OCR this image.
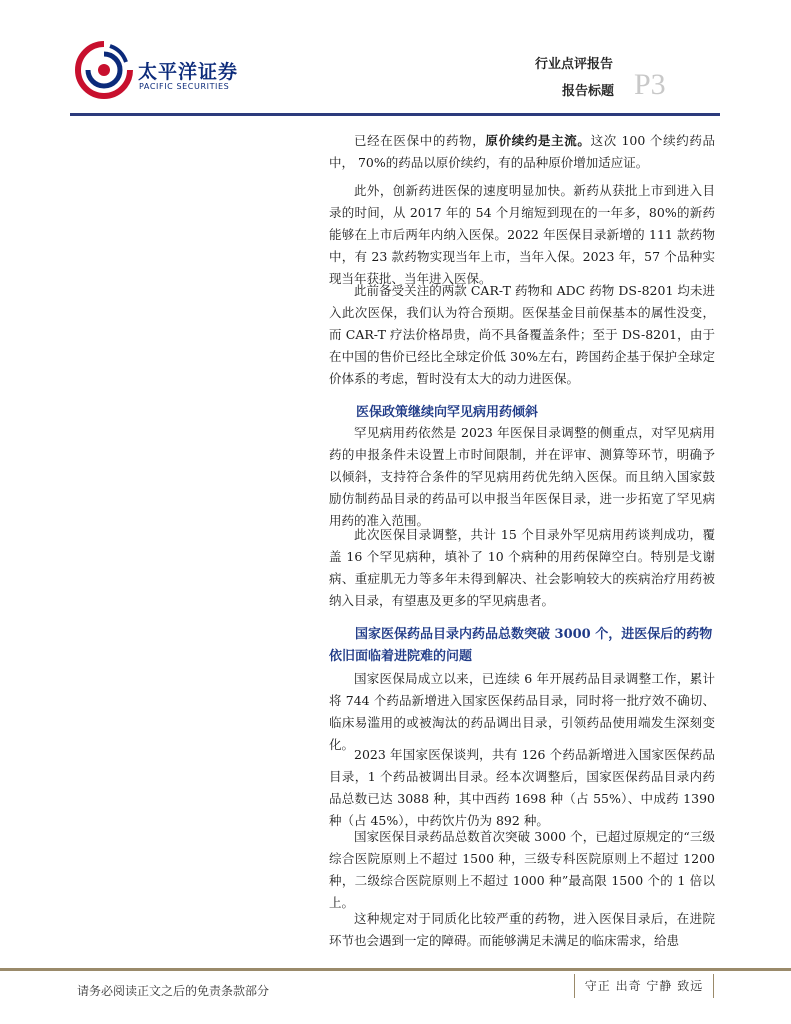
太平洋证券
PACIFIC SECURITIES
行业点评报告
报告标题 P3

已经在医保中的药物，原价续约是主流。这次 100 个续约药品中， 70%的药品以原价续约，有的品种原价增加适应证。

此外，创新药进医保的速度明显加快。新药从获批上市到进入目录的时间，从 2017 年的 54 个月缩短到现在的一年多，80%的新药能够在上市后两年内纳入医保。2022 年医保目录新增的 111 款药物中，有 23 款药物实现当年上市，当年入保。2023 年，57 个品种实现当年获批、当年进入医保。

此前备受关注的两款 CAR-T 药物和 ADC 药物 DS-8201 均未进入此次医保，我们认为符合预期。医保基金目前保基本的属性没变，而 CAR-T 疗法价格昂贵，尚不具备覆盖条件；至于 DS-8201，由于在中国的售价已经比全球定价低 30%左右，跨国药企基于保护全球定价体系的考虑，暂时没有太大的动力进医保。

医保政策继续向罕见病用药倾斜

罕见病用药依然是 2023 年医保目录调整的侧重点，对罕见病用药的申报条件未设置上市时间限制，并在评审、测算等环节，明确予以倾斜，支持符合条件的罕见病用药优先纳入医保。而且纳入国家鼓励仿制药品目录的药品可以申报当年医保目录，进一步拓宽了罕见病用药的准入范围。

此次医保目录调整，共计 15 个目录外罕见病用药谈判成功，覆盖 16 个罕见病种，填补了 10 个病种的用药保障空白。特别是戈谢病、重症肌无力等多年未得到解决、社会影响较大的疾病治疗用药被纳入目录，有望惠及更多的罕见病患者。

国家医保药品目录内药品总数突破 3000 个，进医保后的药物依旧面临着进院难的问题

国家医保局成立以来，已连续 6 年开展药品目录调整工作，累计将 744 个药品新增进入国家医保药品目录，同时将一批疗效不确切、临床易滥用的或被淘汰的药品调出目录，引领药品使用端发生深刻变化。

2023 年国家医保谈判，共有 126 个药品新增进入国家医保药品目录，1 个药品被调出目录。经本次调整后，国家医保药品目录内药品总数已达 3088 种，其中西药 1698 种（占 55%）、中成药 1390 种（占 45%），中药饮片仍为 892 种。

国家医保目录药品总数首次突破 3000 个，已超过原规定的“三级综合医院原则上不超过 1500 种，三级专科医院原则上不超过 1200 种，二级综合医院原则上不超过 1000 种”最高限 1500 个的 1 倍以上。

这种规定对于同质化比较严重的药物，进入医保目录后，在进院环节也会遇到一定的障碍。而能够满足未满足的临床需求，给患

请务必阅读正文之后的免责条款部分	守正 出奇 宁静 致远
